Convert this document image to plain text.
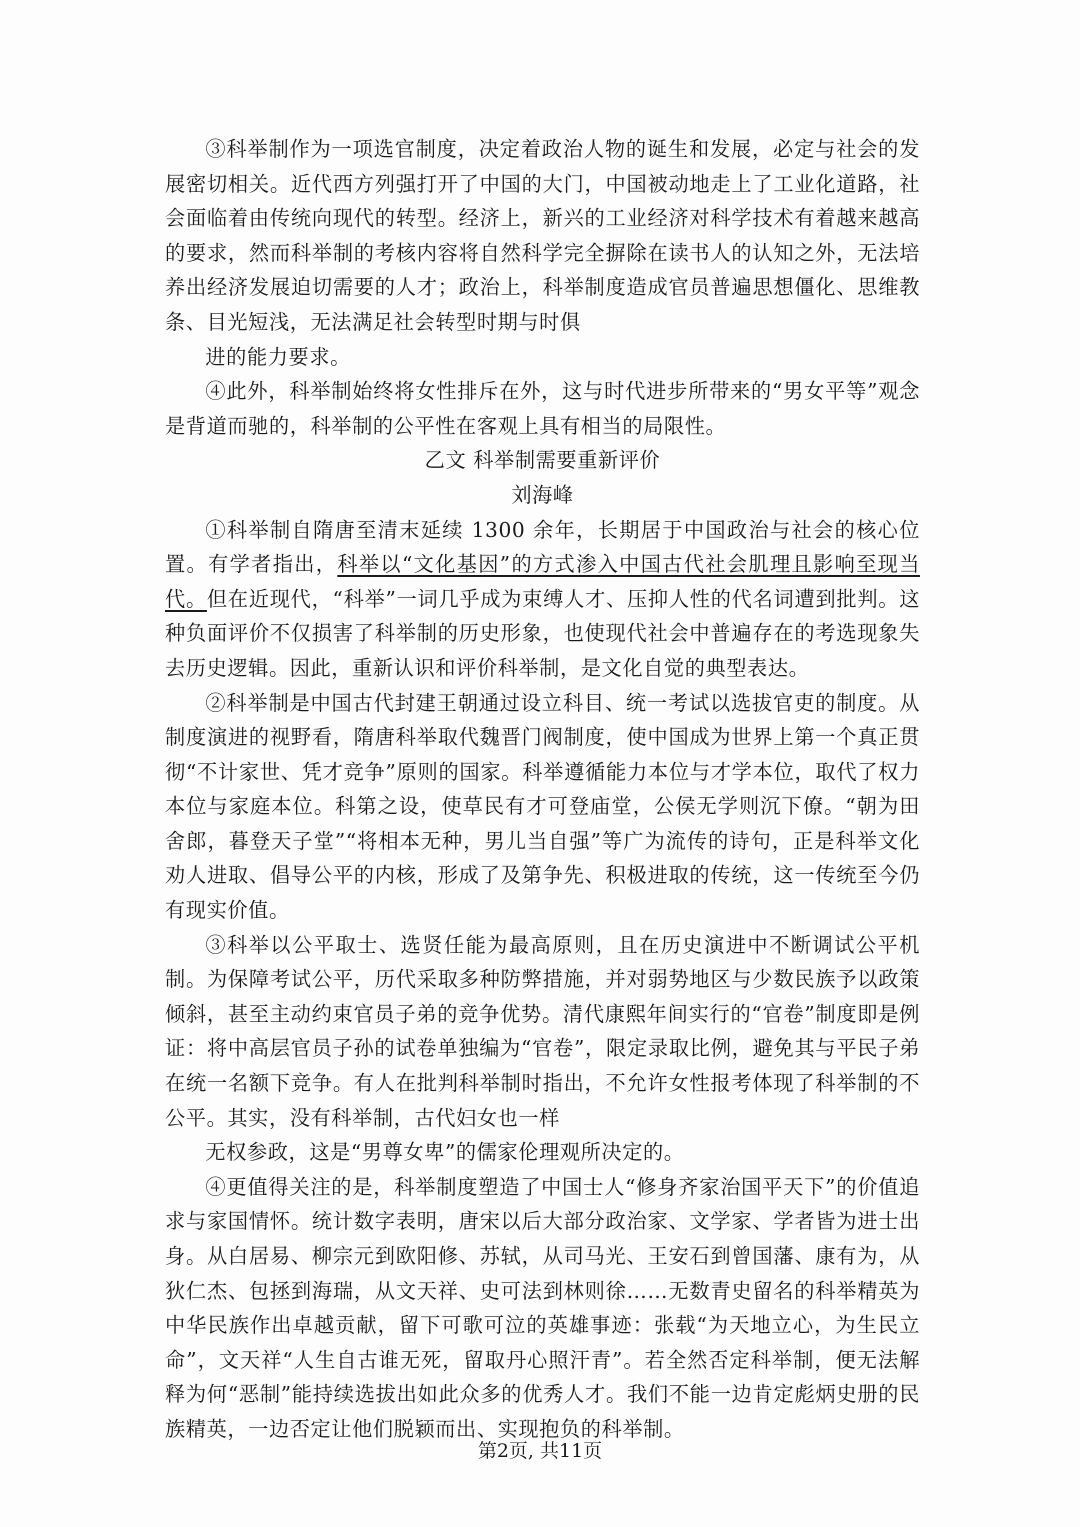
③科举制作为一项选官制度，决定着政治人物的诞生和发展，必定与社会的发展密切相关。近代西方列强打开了中国的大门，中国被动地走上了工业化道路，社会面临着由传统向现代的转型。经济上，新兴的工业经济对科学技术有着越来越高的要求，然而科举制的考核内容将自然科学完全摒除在读书人的认知之外，无法培养出经济发展迫切需要的人才；政治上，科举制度造成官员普遍思想僵化、思维教条、目光短浅，无法满足社会转型时期与时俱

进的能力要求。

④此外，科举制始终将女性排斥在外，这与时代进步所带来的“男女平等”观念是背道而驰的，科举制的公平性在客观上具有相当的局限性。

乙文 科举制需要重新评价

刘海峰

①科举制自隋唐至清末延续 1300 余年，长期居于中国政治与社会的核心位置。有学者指出，科举以“文化基因”的方式渗入中国古代社会肌理且影响至现当代。但在近现代，“科举”一词几乎成为束缚人才、压抑人性的代名词遭到批判。这种负面评价不仅损害了科举制的历史形象，也使现代社会中普遍存在的考选现象失去历史逻辑。因此，重新认识和评价科举制，是文化自觉的典型表达。

②科举制是中国古代封建王朝通过设立科目、统一考试以选拔官吏的制度。从制度演进的视野看，隋唐科举取代魏晋门阀制度，使中国成为世界上第一个真正贯彻“不计家世、凭才竞争”原则的国家。科举遵循能力本位与才学本位，取代了权力本位与家庭本位。科第之设，使草民有才可登庙堂，公侯无学则沉下僚。“朝为田舍郎，暮登天子堂”“将相本无种，男儿当自强”等广为流传的诗句，正是科举文化劝人进取、倡导公平的内核，形成了及第争先、积极进取的传统，这一传统至今仍有现实价值。

③科举以公平取士、选贤任能为最高原则，且在历史演进中不断调试公平机制。为保障考试公平，历代采取多种防弊措施，并对弱势地区与少数民族予以政策倾斜，甚至主动约束官员子弟的竞争优势。清代康熙年间实行的“官卷”制度即是例证：将中高层官员子孙的试卷单独编为“官卷”，限定录取比例，避免其与平民子弟在统一名额下竞争。有人在批判科举制时指出，不允许女性报考体现了科举制的不公平。其实，没有科举制，古代妇女也一样

无权参政，这是“男尊女卑”的儒家伦理观所决定的。

④更值得关注的是，科举制度塑造了中国士人“修身齐家治国平天下”的价值追求与家国情怀。统计数字表明，唐宋以后大部分政治家、文学家、学者皆为进士出身。从白居易、柳宗元到欧阳修、苏轼，从司马光、王安石到曾国藩、康有为，从狄仁杰、包拯到海瑞，从文天祥、史可法到林则徐……无数青史留名的科举精英为中华民族作出卓越贡献，留下可歌可泣的英雄事迹：张载“为天地立心，为生民立命”，文天祥“人生自古谁无死，留取丹心照汗青”。若全然否定科举制，便无法解释为何“恶制”能持续选拔出如此众多的优秀人才。我们不能一边肯定彪炳史册的民族精英，一边否定让他们脱颖而出、实现抱负的科举制。

第2页, 共11页
